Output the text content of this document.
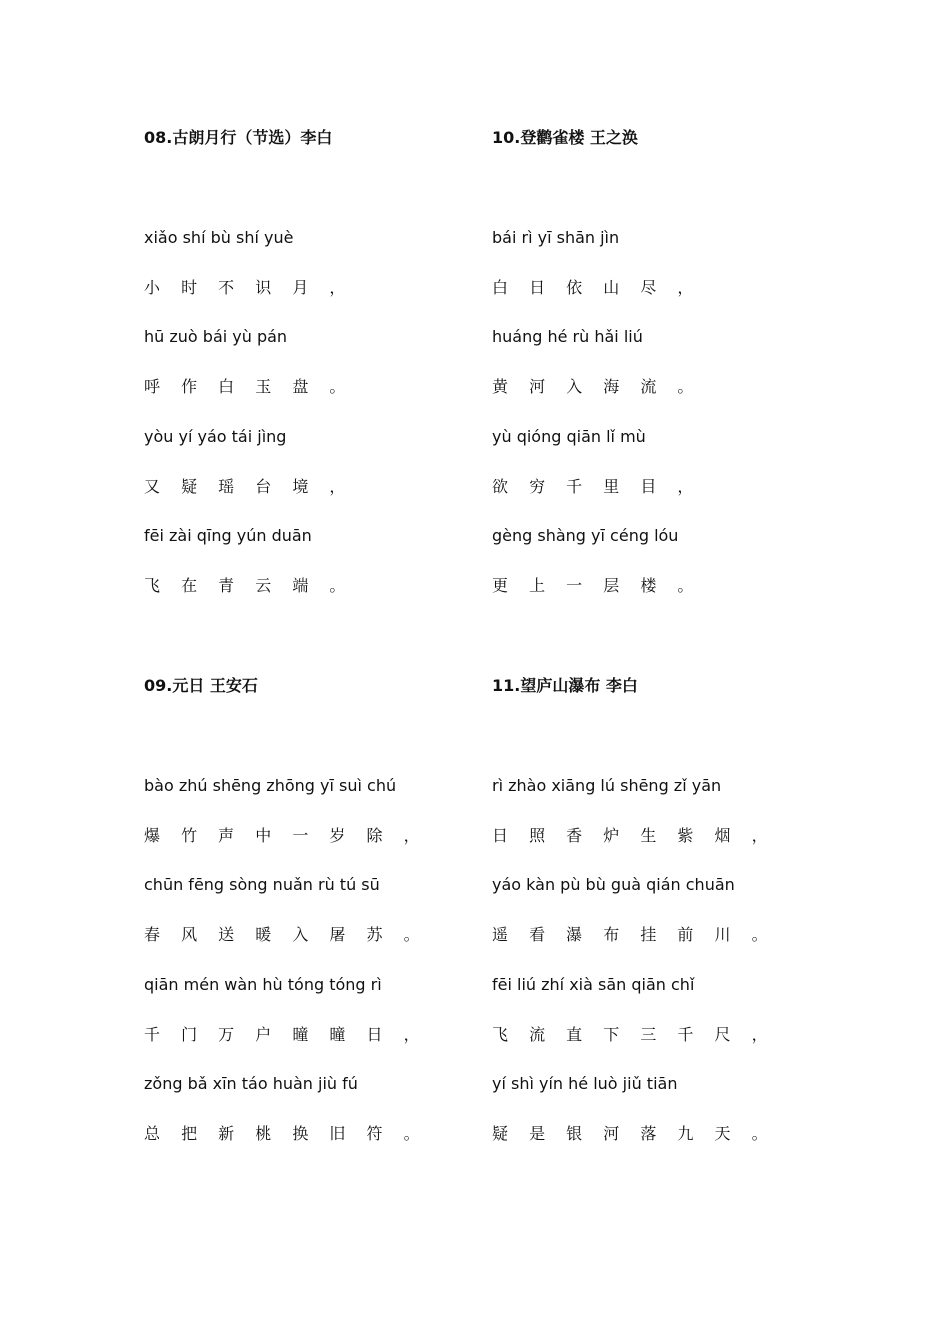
08.古朗月行（节选）李白
xiǎo shí bù shí yuè
小 时 不 识 月 ，
hū zuò bái yù pán
呼 作 白 玉 盘 。
yòu yí yáo tái jìng
又 疑 瑶 台 境 ，
fēi zài qīng yún duān
飞 在 青 云 端 。
10.登鹳雀楼 王之涣
bái rì yī shān jìn
白 日 依 山 尽 ，
huáng hé rù hǎi liú
黄 河 入 海 流 。
yù qióng qiān lǐ mù
欲 穷 千 里 目 ，
gèng shàng yī céng lóu
更 上 一 层 楼 。
09.元日 王安石
bào zhú shēng zhōng yī suì chú
爆 竹 声 中 一 岁 除 ，
chūn fēng sòng nuǎn rù tú sū
春 风 送 暖 入 屠 苏 。
qiān mén wàn hù tóng tóng rì
千 门 万 户 曈 曈 日 ，
zǒng bǎ xīn táo huàn jiù fú
总 把 新 桃 换 旧 符 。
11.望庐山瀑布 李白
rì zhào xiāng lú shēng zǐ yān
日 照 香 炉 生 紫 烟 ，
yáo kàn pù bù guà qián chuān
遥 看 瀑 布 挂 前 川 。
fēi liú zhí xià sān qiān chǐ
飞 流 直 下 三 千 尺 ，
yí shì yín hé luò jiǔ tiān
疑 是 银 河 落 九 天 。
